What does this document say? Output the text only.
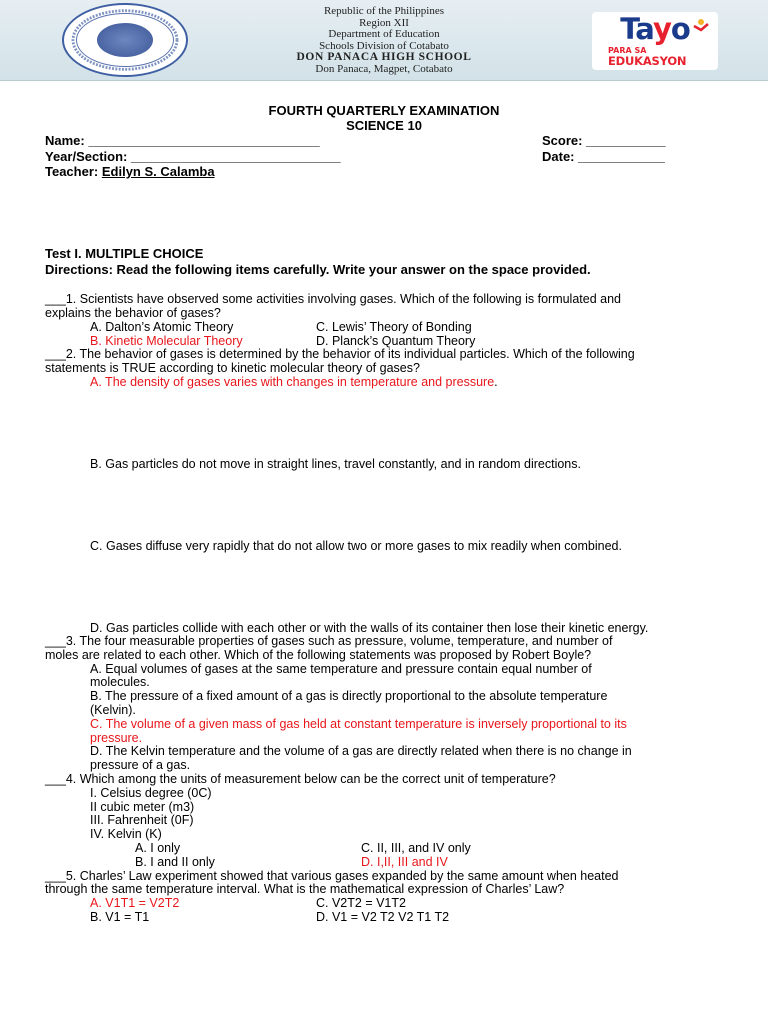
Republic of the Philippines
Region XII
Department of Education
Schools Division of Cotabato
DON PANACA HIGH SCHOOL
Don Panaca, Magpet, Cotabato
Tayo
PARA SA
EDUKASYON
FOURTH QUARTERLY EXAMINATION
SCIENCE 10
Name: ________________________________	Score: ___________
Year/Section: _____________________________	Date: ____________
Teacher: Edilyn S. Calamba
Test I. MULTIPLE CHOICE
Directions: Read the following items carefully. Write your answer on the space provided.
___1. Scientists have observed some activities involving gases. Which of the following is formulated and
explains the behavior of gases?
A. Dalton’s Atomic Theory	C. Lewis’ Theory of Bonding
B. Kinetic Molecular Theory	D. Planck’s Quantum Theory
___2. The behavior of gases is determined by the behavior of its individual particles. Which of the following
statements is TRUE according to kinetic molecular theory of gases?
A. The density of gases varies with changes in temperature and pressure.
B. Gas particles do not move in straight lines, travel constantly, and in random directions.
C. Gases diffuse very rapidly that do not allow two or more gases to mix readily when combined.
D. Gas particles collide with each other or with the walls of its container then lose their kinetic energy.
___3. The four measurable properties of gases such as pressure, volume, temperature, and number of
moles are related to each other. Which of the following statements was proposed by Robert Boyle?
A. Equal volumes of gases at the same temperature and pressure contain equal number of
molecules.
B. The pressure of a fixed amount of a gas is directly proportional to the absolute temperature
(Kelvin).
C. The volume of a given mass of gas held at constant temperature is inversely proportional to its
pressure.
D. The Kelvin temperature and the volume of a gas are directly related when there is no change in
pressure of a gas.
___4. Which among the units of measurement below can be the correct unit of temperature?
I. Celsius degree (0C)
II cubic meter (m3)
III. Fahrenheit (0F)
IV. Kelvin (K)
A. I only	C. II, III, and IV only
B. I and II only	D. I,II, III and IV
___5. Charles’ Law experiment showed that various gases expanded by the same amount when heated
through the same temperature interval. What is the mathematical expression of Charles’ Law?
A. V1T1 = V2T2	C. V2T2 = V1T2
B. V1 = T1	D. V1 = V2 T2 V2 T1 T2
